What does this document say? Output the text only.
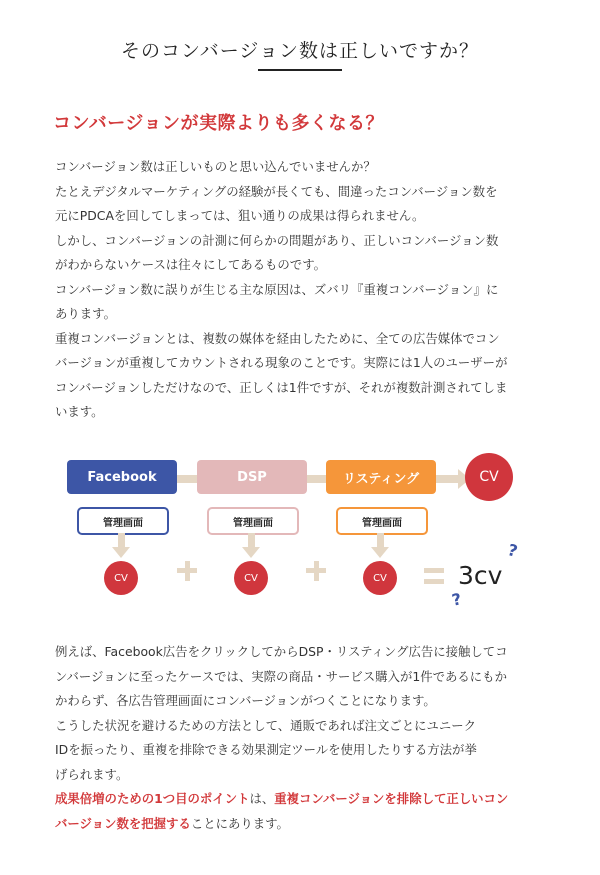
そのコンバージョン数は正しいですか？
コンバージョンが実際よりも多くなる？
コンバージョン数は正しいものと思い込んでいませんか？
たとえデジタルマーケティングの経験が長くても、間違ったコンバージョン数を
元にPDCAを回してしまっては、狙い通りの成果は得られません。
しかし、コンバージョンの計測に何らかの問題があり、正しいコンバージョン数
がわからないケースは往々にしてあるものです。
コンバージョン数に誤りが生じる主な原因は、ズバリ『重複コンバージョン』に
あります。
重複コンバージョンとは、複数の媒体を経由したために、全ての広告媒体でコン
バージョンが重複してカウントされる現象のことです。実際には1人のユーザーが
コンバージョンしただけなので、正しくは1件ですが、それが複数計測されてしま
います。
Facebook	DSP	リスティング	CV
管理画面	管理画面	管理画面
CV	CV	CV	3cv
?
?
例えば、Facebook広告をクリックしてからDSP・リスティング広告に接触してコ
ンバージョンに至ったケースでは、実際の商品・サービス購入が1件であるにもか
かわらず、各広告管理画面にコンバージョンがつくことになります。
こうした状況を避けるための方法として、通販であれば注文ごとにユニーク
IDを振ったり、重複を排除できる効果測定ツールを使用したりする方法が挙
げられます。
成果倍増のための1つ目のポイントは、重複コンバージョンを排除して正しいコン
バージョン数を把握することにあります。
